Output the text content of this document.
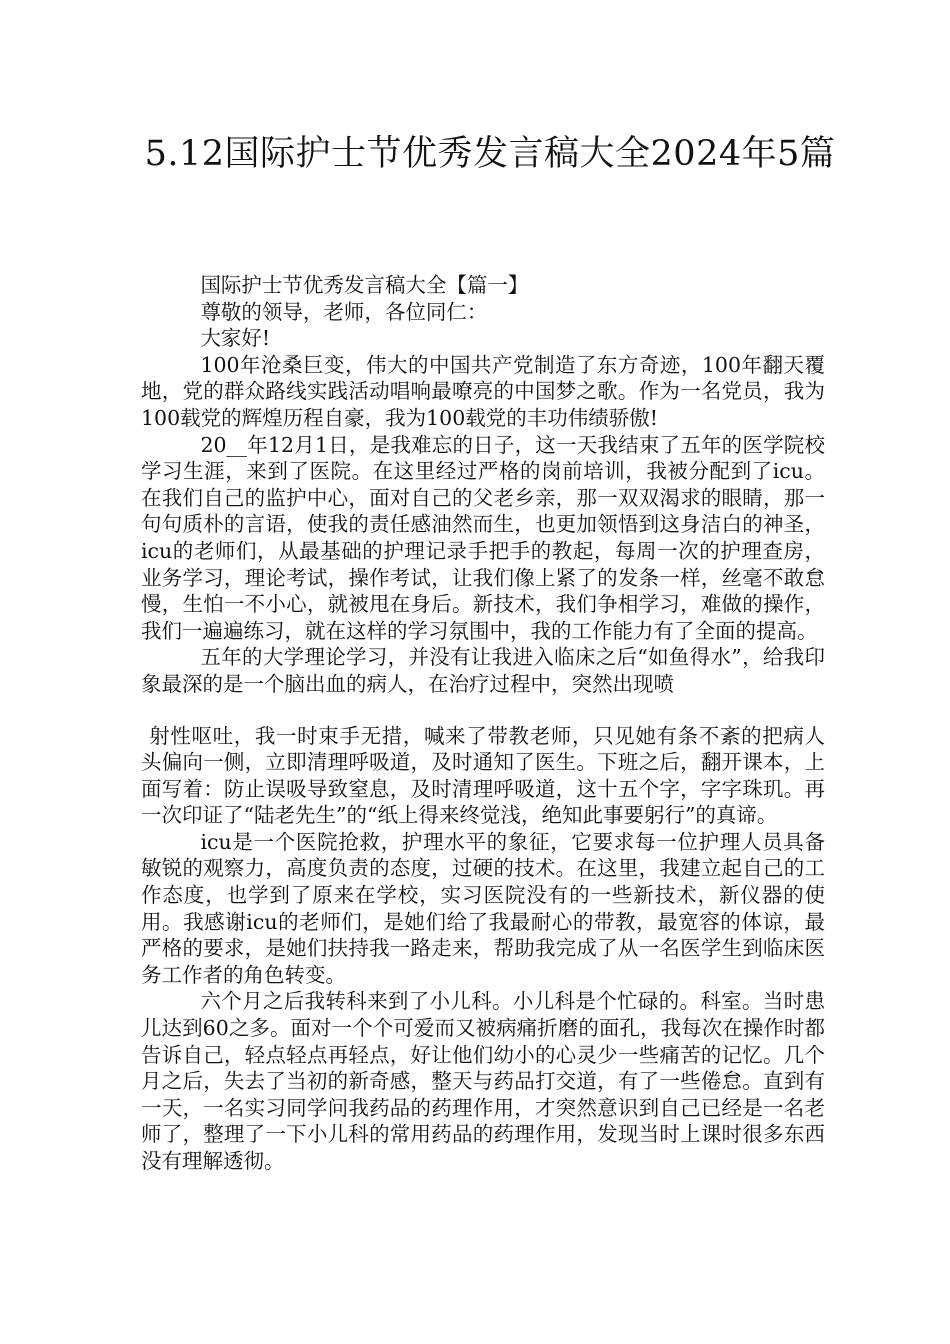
5.12国际护士节优秀发言稿大全2024年5篇

国际护士节优秀发言稿大全【篇一】

尊敬的领导，老师，各位同仁：

大家好!

100年沧桑巨变，伟大的中国共产党制造了东方奇迹，100年翻天覆地，党的群众路线实践活动唱响最嘹亮的中国梦之歌。作为一名党员，我为100载党的辉煌历程自豪，我为100载党的丰功伟绩骄傲!

20__年12月1日，是我难忘的日子，这一天我结束了五年的医学院校学习生涯，来到了医院。在这里经过严格的岗前培训，我被分配到了icu。在我们自己的监护中心，面对自己的父老乡亲，那一双双渴求的眼睛，那一句句质朴的言语，使我的责任感油然而生，也更加领悟到这身洁白的神圣，icu的老师们，从最基础的护理记录手把手的教起，每周一次的护理查房，业务学习，理论考试，操作考试，让我们像上紧了的发条一样，丝毫不敢怠慢，生怕一不小心，就被甩在身后。新技术，我们争相学习，难做的操作，我们一遍遍练习，就在这样的学习氛围中，我的工作能力有了全面的提高。

五年的大学理论学习，并没有让我进入临床之后“如鱼得水”，给我印象最深的是一个脑出血的病人，在治疗过程中，突然出现喷

射性呕吐，我一时束手无措，喊来了带教老师，只见她有条不紊的把病人头偏向一侧，立即清理呼吸道，及时通知了医生。下班之后，翻开课本，上面写着：防止误吸导致窒息，及时清理呼吸道，这十五个字，字字珠玑。再一次印证了“陆老先生”的“纸上得来终觉浅，绝知此事要躬行”的真谛。

icu是一个医院抢救，护理水平的象征，它要求每一位护理人员具备敏锐的观察力，高度负责的态度，过硬的技术。在这里，我建立起自己的工作态度，也学到了原来在学校，实习医院没有的一些新技术，新仪器的使用。我感谢icu的老师们，是她们给了我最耐心的带教，最宽容的体谅，最严格的要求，是她们扶持我一路走来，帮助我完成了从一名医学生到临床医务工作者的角色转变。

六个月之后我转科来到了小儿科。小儿科是个忙碌的。科室。当时患儿达到60之多。面对一个个可爱而又被病痛折磨的面孔，我每次在操作时都告诉自己，轻点轻点再轻点，好让他们幼小的心灵少一些痛苦的记忆。几个月之后，失去了当初的新奇感，整天与药品打交道，有了一些倦怠。直到有一天，一名实习同学问我药品的药理作用，才突然意识到自己已经是一名老师了，整理了一下小儿科的常用药品的药理作用，发现当时上课时很多东西没有理解透彻。
